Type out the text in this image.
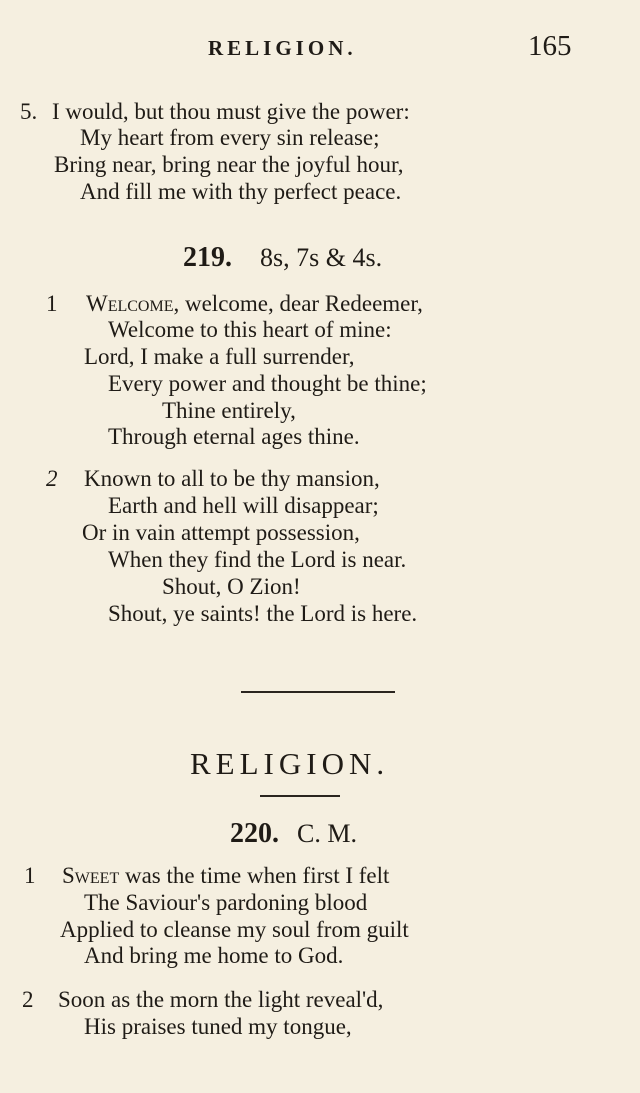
RELIGION.	165
5. I would, but thou must give the power:
My heart from every sin release;
Bring near, bring near the joyful hour,
And fill me with thy perfect peace.
219. 8s, 7s & 4s.
1 Welcome, welcome, dear Redeemer,
Welcome to this heart of mine:
Lord, I make a full surrender,
Every power and thought be thine;
Thine entirely,
Through eternal ages thine.
2 Known to all to be thy mansion,
Earth and hell will disappear;
Or in vain attempt possession,
When they find the Lord is near.
Shout, O Zion!
Shout, ye saints! the Lord is here.
RELIGION.
220. C. M.
1 Sweet was the time when first I felt
The Saviour's pardoning blood
Applied to cleanse my soul from guilt
And bring me home to God.
2 Soon as the morn the light reveal'd,
His praises tuned my tongue,
